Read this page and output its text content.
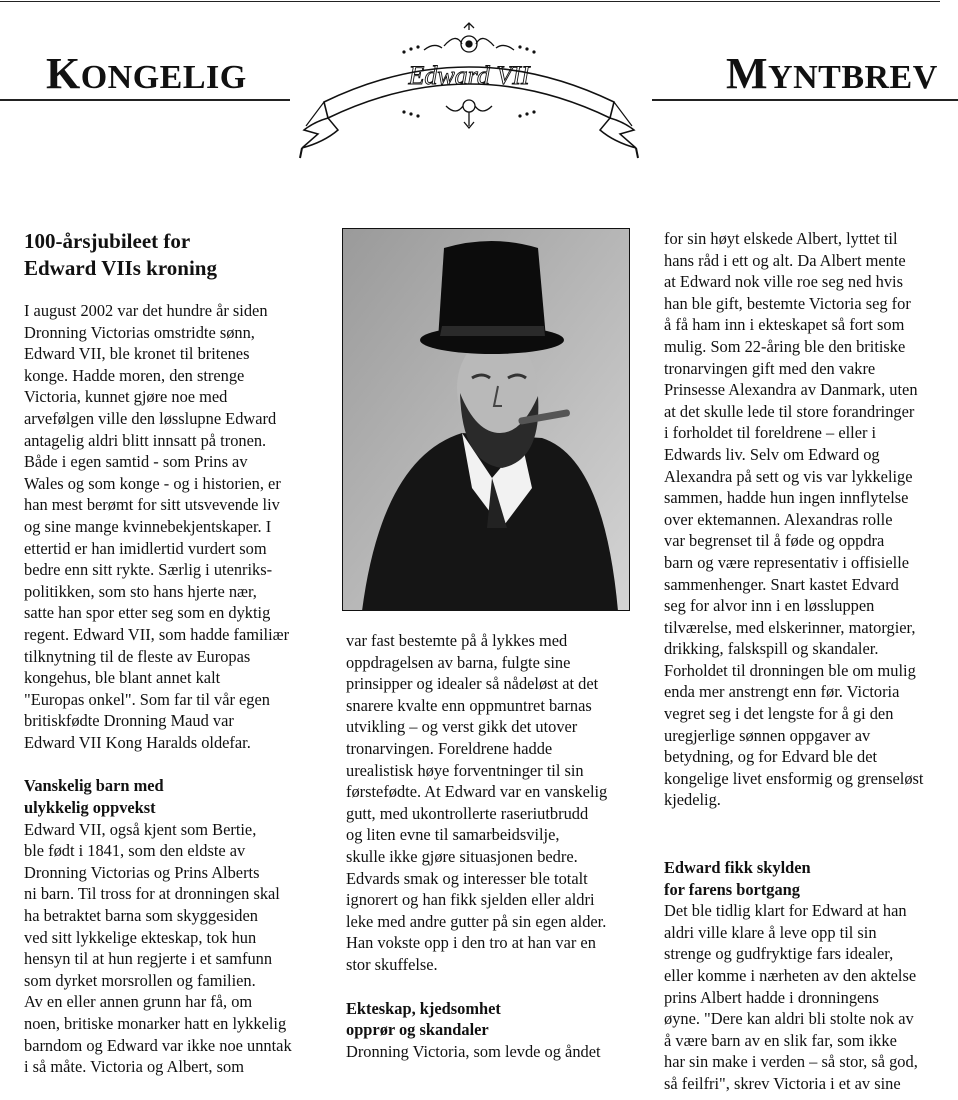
KONGELIG	MYNTBREV
Edward VII
100-årsjubileet for
Edward VIIs kroning

I august 2002 var det hundre år siden

Dronning Victorias omstridte sønn,

Edward VII, ble kronet til britenes

konge. Hadde moren, den strenge

Victoria, kunnet gjøre noe med

arvefølgen ville den løsslupne Edward

antagelig aldri blitt innsatt på tronen.

Både i egen samtid - som Prins av

Wales og som konge - og i historien, er

han mest berømt for sitt utsvevende liv

og sine mange kvinnebekjentskaper. I

ettertid er han imidlertid vurdert som

bedre enn sitt rykte. Særlig i utenriks-

politikken, som sto hans hjerte nær,

satte han spor etter seg som en dyktig

regent. Edward VII, som hadde familiær

tilknytning til de fleste av Europas

kongehus, ble blant annet kalt

"Europas onkel". Som far til vår egen

britiskfødte Dronning Maud var

Edward VII Kong Haralds oldefar.

Vanskelig barn med
ulykkelig oppvekst

Edward VII, også kjent som Bertie,

ble født i 1841, som den eldste av

Dronning Victorias og Prins Alberts

ni barn. Til tross for at dronningen skal

ha betraktet barna som skyggesiden

ved sitt lykkelige ekteskap, tok hun

hensyn til at hun regjerte i et samfunn

som dyrket morsrollen og familien.

Av en eller annen grunn har få, om

noen, britiske monarker hatt en lykkelig

barndom og Edward var ikke noe unntak

i så måte. Victoria og Albert, som

var fast bestemte på å lykkes med

oppdragelsen av barna, fulgte sine

prinsipper og idealer så nådeløst at det

snarere kvalte enn oppmuntret barnas

utvikling – og verst gikk det utover

tronarvingen. Foreldrene hadde

urealistisk høye forventninger til sin

førstefødte. At Edward var en vanskelig

gutt, med ukontrollerte raseriutbrudd

og liten evne til samarbeidsvilje,

skulle ikke gjøre situasjonen bedre.

Edvards smak og interesser ble totalt

ignorert og han fikk sjelden eller aldri

leke med andre gutter på sin egen alder.

Han vokste opp i den tro at han var en

stor skuffelse.

Ekteskap, kjedsomhet
opprør og skandaler

Dronning Victoria, som levde og åndet

for sin høyt elskede Albert, lyttet til

hans råd i ett og alt. Da Albert mente

at Edward nok ville roe seg ned hvis

han ble gift, bestemte Victoria seg for

å få ham inn i ekteskapet så fort som

mulig. Som 22-åring ble den britiske

tronarvingen gift med den vakre

Prinsesse Alexandra av Danmark, uten

at det skulle lede til store forandringer

i forholdet til foreldrene – eller i

Edwards liv. Selv om Edward og

Alexandra på sett og vis var lykkelige

sammen, hadde hun ingen innflytelse

over ektemannen. Alexandras rolle

var begrenset til å føde og oppdra

barn og være representativ i offisielle

sammenhenger. Snart kastet Edvard

seg for alvor inn i en løssluppen

tilværelse, med elskerinner, matorgier,

drikking, falskspill og skandaler.

Forholdet til dronningen ble om mulig

enda mer anstrengt enn før. Victoria

vegret seg i det lengste for å gi den

uregjerlige sønnen oppgaver av

betydning, og for Edvard ble det

kongelige livet ensformig og grenseløst

kjedelig.

Edward fikk skylden
for farens bortgang

Det ble tidlig klart for Edward at han

aldri ville klare å leve opp til sin

strenge og gudfryktige fars idealer,

eller komme i nærheten av den aktelse

prins Albert hadde i dronningens

øyne. "Dere kan aldri bli stolte nok av

å være barn av en slik far, som ikke

har sin make i verden – så stor, så god,

så feilfri", skrev Victoria i et av sine
